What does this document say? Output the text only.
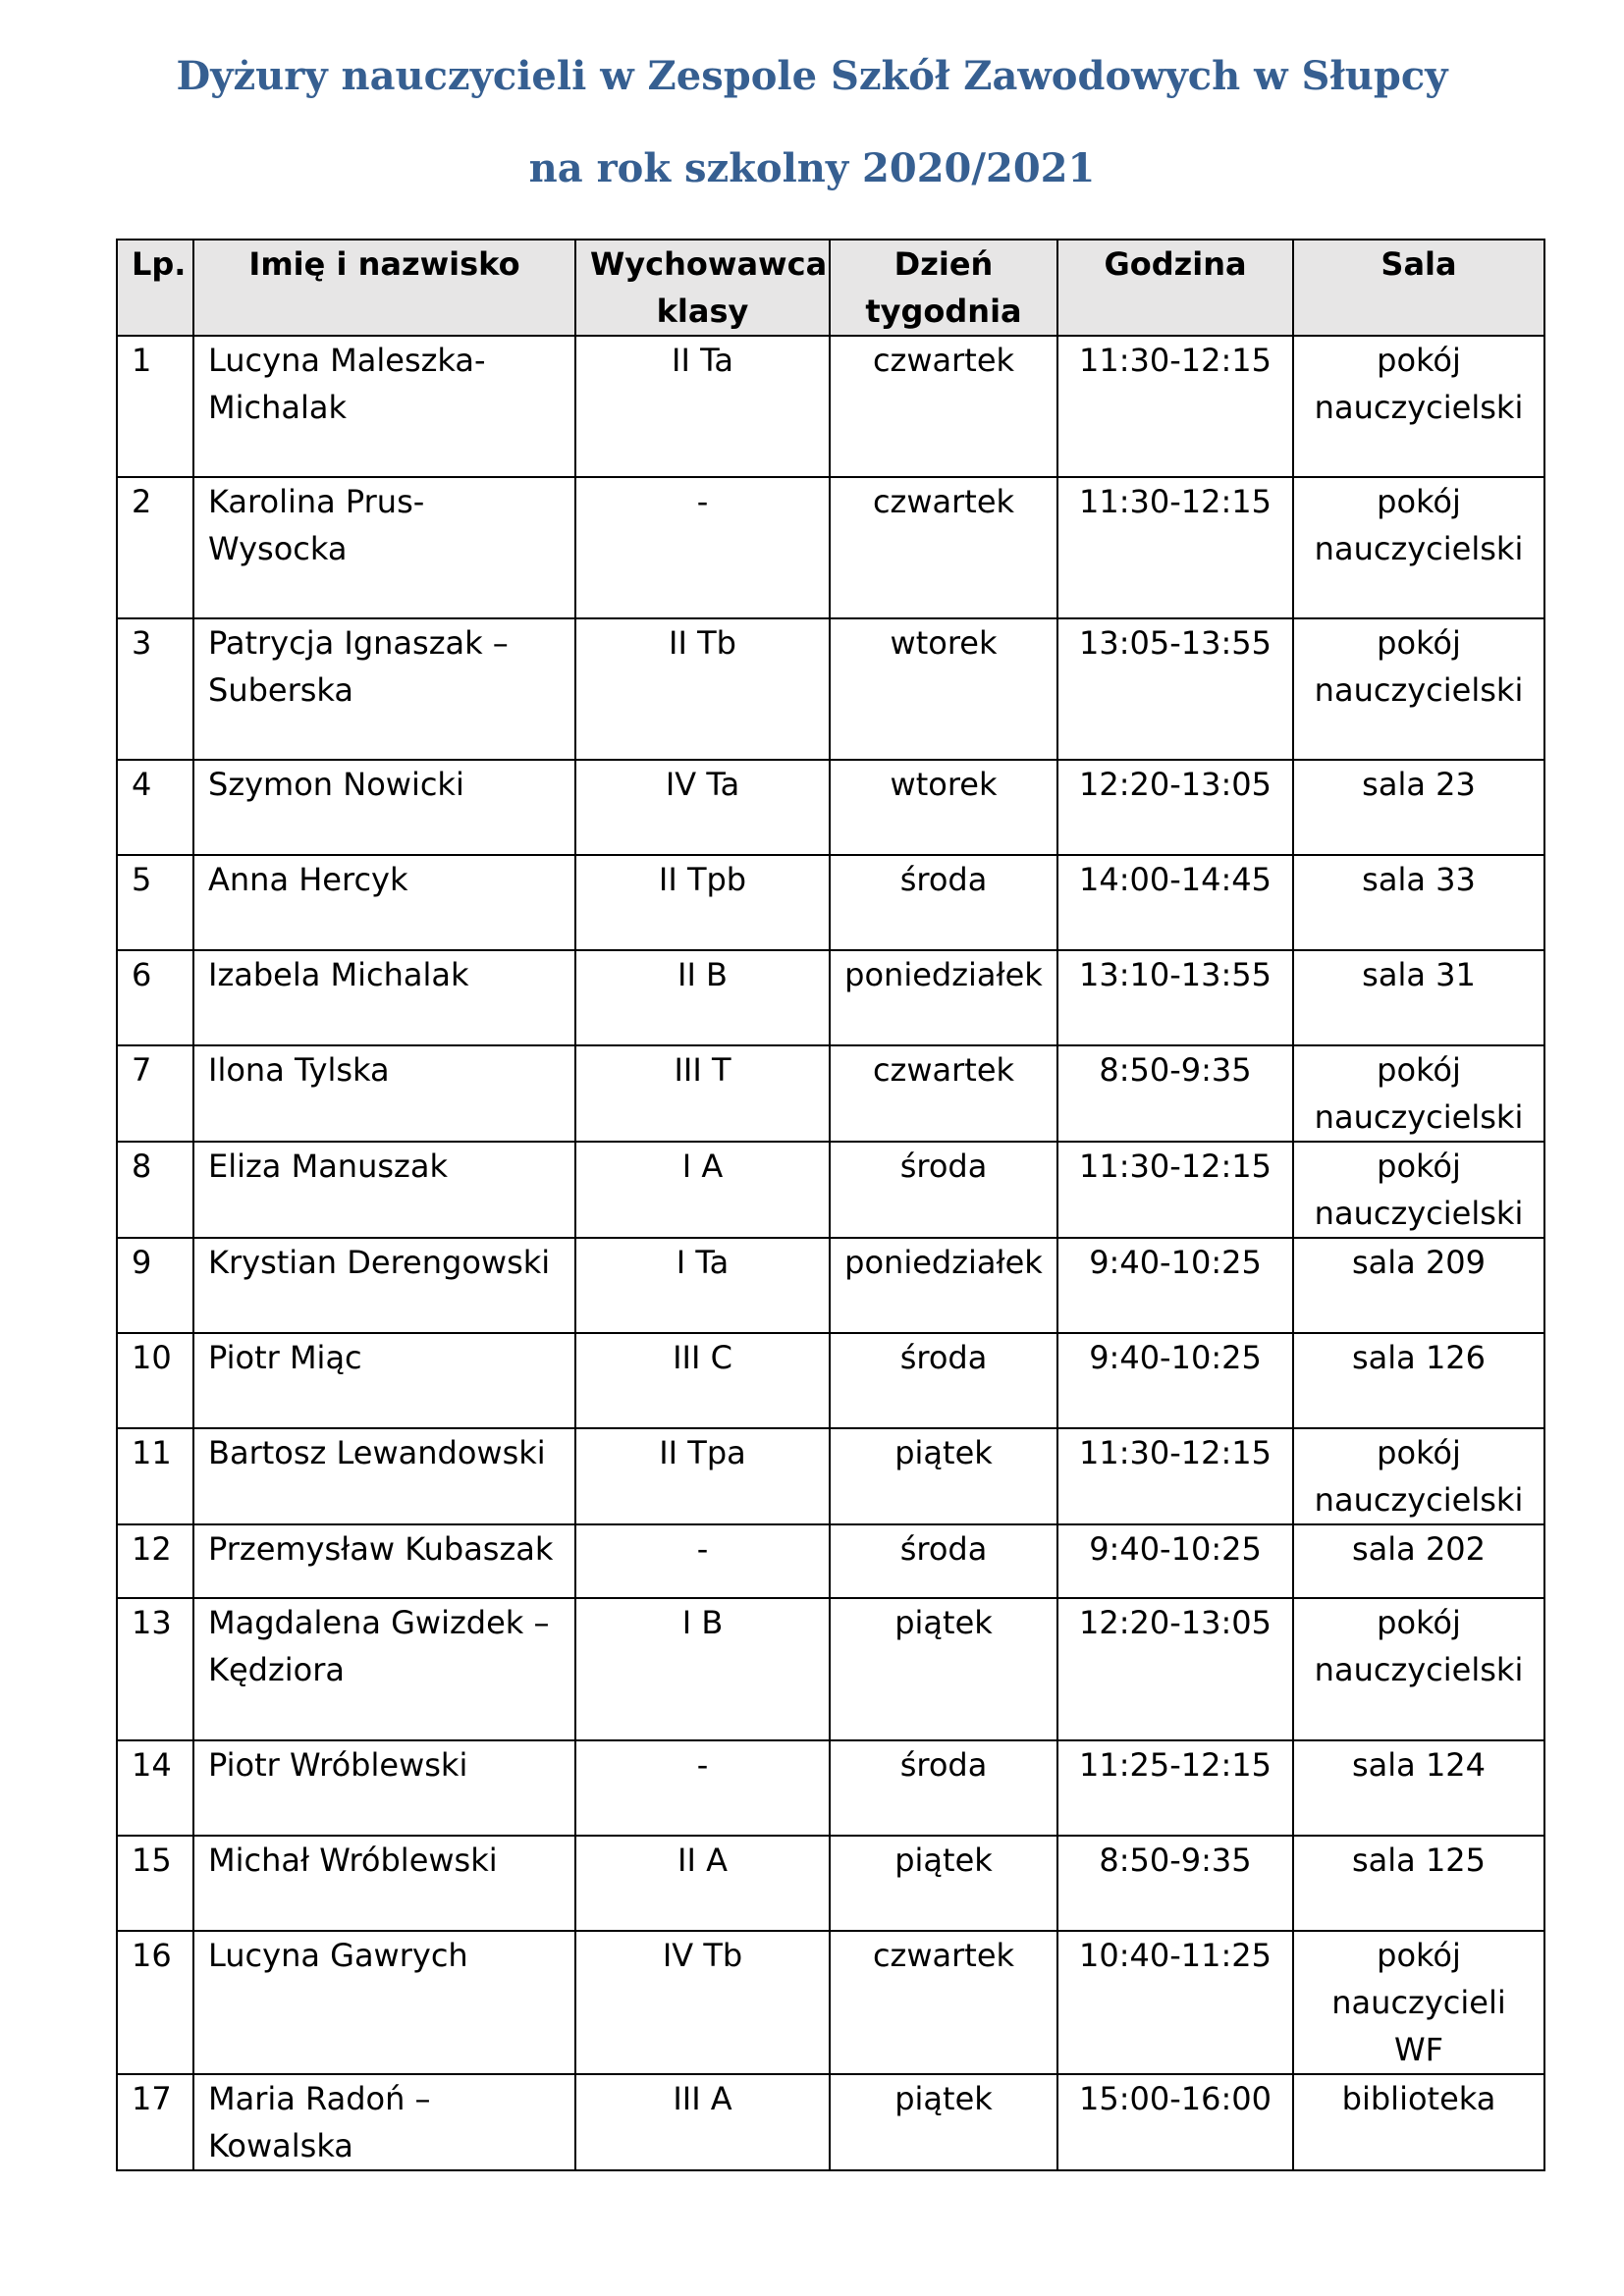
Dyżury nauczycieli w Zespole Szkół Zawodowych w Słupcy
na rok szkolny 2020/2021
Lp.	Imię i nazwisko	Wychowawca klasy	Dzień tygodnia	Godzina	Sala
1	Lucyna Maleszka-Michalak	II Ta	czwartek	11:30-12:15	pokój nauczycielski
2	Karolina Prus-Wysocka	-	czwartek	11:30-12:15	pokój nauczycielski
3	Patrycja Ignaszak – Suberska	II Tb	wtorek	13:05-13:55	pokój nauczycielski
4	Szymon Nowicki	IV Ta	wtorek	12:20-13:05	sala 23
5	Anna Hercyk	II Tpb	środa	14:00-14:45	sala 33
6	Izabela Michalak	II B	poniedziałek	13:10-13:55	sala 31
7	Ilona Tylska	III T	czwartek	8:50-9:35	pokój nauczycielski
8	Eliza Manuszak	I A	środa	11:30-12:15	pokój nauczycielski
9	Krystian Derengowski	I Ta	poniedziałek	9:40-10:25	sala 209
10	Piotr Miąc	III C	środa	9:40-10:25	sala 126
11	Bartosz Lewandowski	II Tpa	piątek	11:30-12:15	pokój nauczycielski
12	Przemysław Kubaszak	-	środa	9:40-10:25	sala 202
13	Magdalena Gwizdek – Kędziora	I B	piątek	12:20-13:05	pokój nauczycielski
14	Piotr Wróblewski	-	środa	11:25-12:15	sala 124
15	Michał Wróblewski	II A	piątek	8:50-9:35	sala 125
16	Lucyna Gawrych	IV Tb	czwartek	10:40-11:25	pokój nauczycieli WF
17	Maria Radoń – Kowalska	III A	piątek	15:00-16:00	biblioteka
